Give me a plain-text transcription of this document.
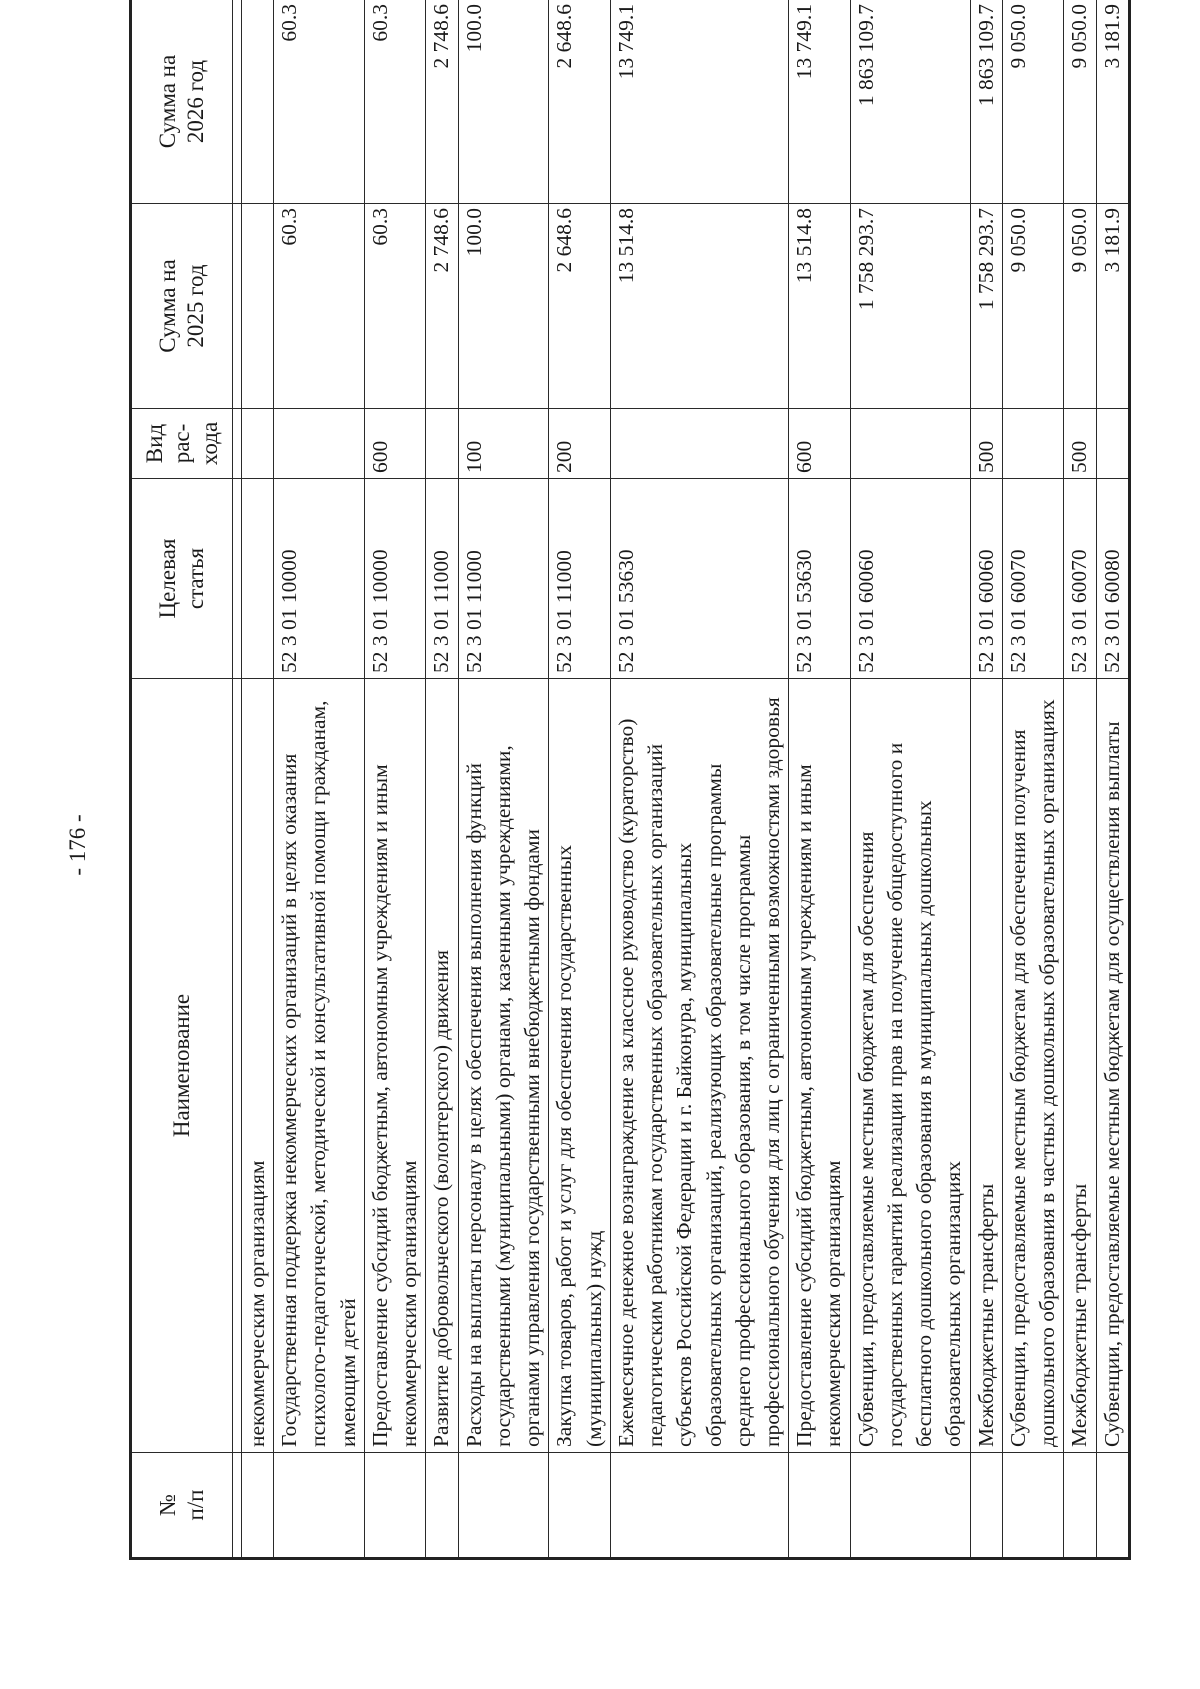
- 176 -
№ п/п	Наименование	Целевая статья	Вид рас- хода	Сумма на 2025 год	Сумма на 2026 год

	некоммерческим организациям				
	Государственная поддержка некоммерческих организаций в целях оказания психолого-педагогической, методической и консультативной помощи гражданам, имеющим детей	52 3 01 10000		60.3	60.3
	Предоставление субсидий бюджетным, автономным учреждениям и иным некоммерческим организациям	52 3 01 10000	600	60.3	60.3
	Развитие добровольческого (волонтерского) движения	52 3 01 11000		2 748.6	2 748.6
	Расходы на выплаты персоналу в целях обеспечения выполнения функций государственными (муниципальными) органами, казенными учреждениями, органами управления государственными внебюджетными фондами	52 3 01 11000	100	100.0	100.0
	Закупка товаров, работ и услуг для обеспечения государственных (муниципальных) нужд	52 3 01 11000	200	2 648.6	2 648.6
	Ежемесячное денежное вознаграждение за классное руководство (кураторство) педагогическим работникам государственных образовательных организаций субъектов Российской Федерации и г. Байконура, муниципальных образовательных организаций, реализующих образовательные программы среднего профессионального образования, в том числе программы профессионального обучения для лиц с ограниченными возможностями здоровья	52 3 01 53630		13 514.8	13 749.1
	Предоставление субсидий бюджетным, автономным учреждениям и иным некоммерческим организациям	52 3 01 53630	600	13 514.8	13 749.1
	Субвенции, предоставляемые местным бюджетам для обеспечения государственных гарантий реализации прав на получение общедоступного и бесплатного дошкольного образования в муниципальных дошкольных образовательных организациях	52 3 01 60060		1 758 293.7	1 863 109.7
	Межбюджетные трансферты	52 3 01 60060	500	1 758 293.7	1 863 109.7
	Субвенции, предоставляемые местным бюджетам для обеспечения получения дошкольного образования в частных дошкольных образовательных организациях	52 3 01 60070		9 050.0	9 050.0
	Межбюджетные трансферты	52 3 01 60070	500	9 050.0	9 050.0
	Субвенции, предоставляемые местным бюджетам для осуществления выплаты	52 3 01 60080		3 181.9	3 181.9
